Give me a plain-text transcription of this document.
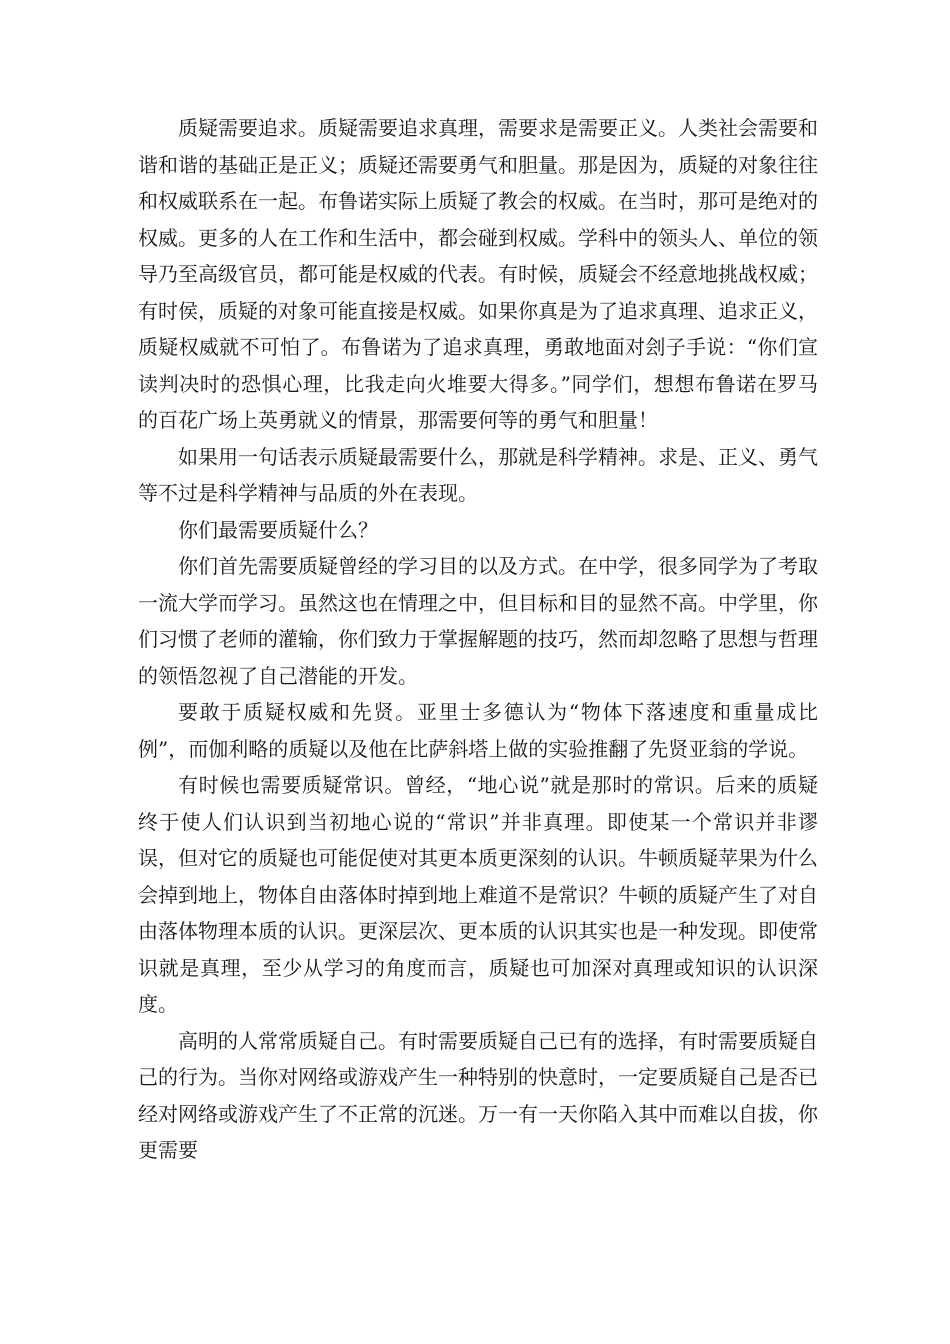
质疑需要追求。质疑需要追求真理，需要求是需要正义。人类社会需要和谐和谐的基础正是正义；质疑还需要勇气和胆量。那是因为，质疑的对象往往和权威联系在一起。布鲁诺实际上质疑了教会的权威。在当时，那可是绝对的权威。更多的人在工作和生活中，都会碰到权威。学科中的领头人、单位的领导乃至高级官员，都可能是权威的代表。有时候，质疑会不经意地挑战权威；有时侯，质疑的对象可能直接是权威。如果你真是为了追求真理、追求正义，质疑权威就不可怕了。布鲁诺为了追求真理，勇敢地面对刽子手说：“你们宣读判决时的恐惧心理，比我走向火堆要大得多。”同学们，想想布鲁诺在罗马的百花广场上英勇就义的情景，那需要何等的勇气和胆量！

如果用一句话表示质疑最需要什么，那就是科学精神。求是、正义、勇气等不过是科学精神与品质的外在表现。

你们最需要质疑什么？

你们首先需要质疑曾经的学习目的以及方式。在中学，很多同学为了考取一流大学而学习。虽然这也在情理之中，但目标和目的显然不高。中学里，你们习惯了老师的灌输，你们致力于掌握解题的技巧，然而却忽略了思想与哲理的领悟忽视了自己潜能的开发。

要敢于质疑权威和先贤。亚里士多德认为“物体下落速度和重量成比例”，而伽利略的质疑以及他在比萨斜塔上做的实验推翻了先贤亚翁的学说。

有时候也需要质疑常识。曾经，“地心说”就是那时的常识。后来的质疑终于使人们认识到当初地心说的“常识”并非真理。即使某一个常识并非谬误，但对它的质疑也可能促使对其更本质更深刻的认识。牛顿质疑苹果为什么会掉到地上，物体自由落体时掉到地上难道不是常识？牛顿的质疑产生了对自由落体物理本质的认识。更深层次、更本质的认识其实也是一种发现。即使常识就是真理，至少从学习的角度而言，质疑也可加深对真理或知识的认识深度。

高明的人常常质疑自己。有时需要质疑自己已有的选择，有时需要质疑自己的行为。当你对网络或游戏产生一种特别的快意时，一定要质疑自己是否已经对网络或游戏产生了不正常的沉迷。万一有一天你陷入其中而难以自拔，你更需要
